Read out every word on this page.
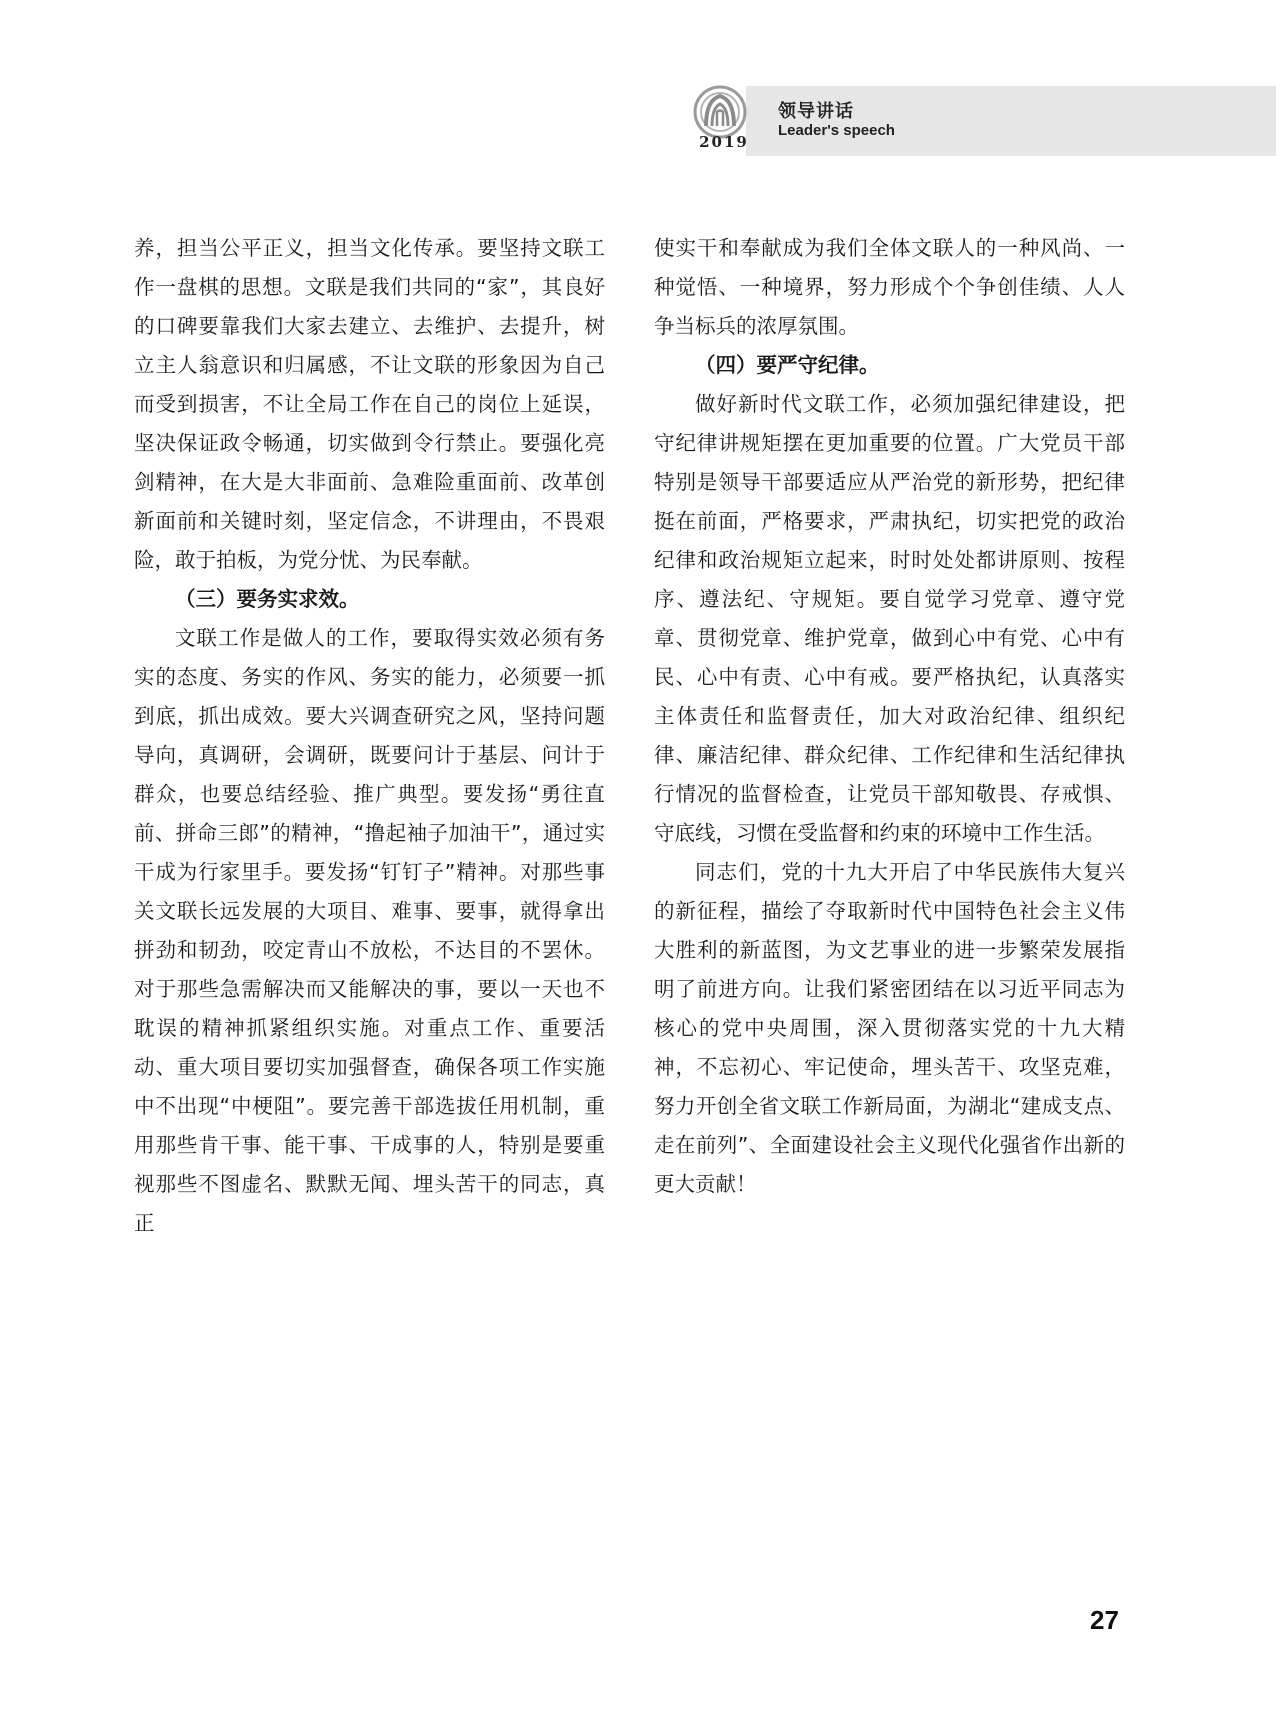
2019
领导讲话
Leader's speech

养，担当公平正义，担当文化传承。要坚持文联工作一盘棋的思想。文联是我们共同的“家”，其良好的口碑要靠我们大家去建立、去维护、去提升，树立主人翁意识和归属感，不让文联的形象因为自己而受到损害，不让全局工作在自己的岗位上延误，坚决保证政令畅通，切实做到令行禁止。要强化亮剑精神，在大是大非面前、急难险重面前、改革创新面前和关键时刻，坚定信念，不讲理由，不畏艰险，敢于拍板，为党分忧、为民奉献。

（三）要务实求效。

文联工作是做人的工作，要取得实效必须有务实的态度、务实的作风、务实的能力，必须要一抓到底，抓出成效。要大兴调查研究之风，坚持问题导向，真调研，会调研，既要问计于基层、问计于群众，也要总结经验、推广典型。要发扬“勇往直前、拼命三郎”的精神，“撸起袖子加油干”，通过实干成为行家里手。要发扬“钉钉子”精神。对那些事关文联长远发展的大项目、难事、要事，就得拿出拼劲和韧劲，咬定青山不放松，不达目的不罢休。对于那些急需解决而又能解决的事，要以一天也不耽误的精神抓紧组织实施。对重点工作、重要活动、重大项目要切实加强督查，确保各项工作实施中不出现“中梗阻”。要完善干部选拔任用机制，重用那些肯干事、能干事、干成事的人，特别是要重视那些不图虚名、默默无闻、埋头苦干的同志，真正

使实干和奉献成为我们全体文联人的一种风尚、一种觉悟、一种境界，努力形成个个争创佳绩、人人争当标兵的浓厚氛围。

（四）要严守纪律。

做好新时代文联工作，必须加强纪律建设，把守纪律讲规矩摆在更加重要的位置。广大党员干部特别是领导干部要适应从严治党的新形势，把纪律挺在前面，严格要求，严肃执纪，切实把党的政治纪律和政治规矩立起来，时时处处都讲原则、按程序、遵法纪、守规矩。要自觉学习党章、遵守党章、贯彻党章、维护党章，做到心中有党、心中有民、心中有责、心中有戒。要严格执纪，认真落实主体责任和监督责任，加大对政治纪律、组织纪律、廉洁纪律、群众纪律、工作纪律和生活纪律执行情况的监督检查，让党员干部知敬畏、存戒惧、守底线，习惯在受监督和约束的环境中工作生活。

同志们，党的十九大开启了中华民族伟大复兴的新征程，描绘了夺取新时代中国特色社会主义伟大胜利的新蓝图，为文艺事业的进一步繁荣发展指明了前进方向。让我们紧密团结在以习近平同志为核心的党中央周围，深入贯彻落实党的十九大精神，不忘初心、牢记使命，埋头苦干、攻坚克难，努力开创全省文联工作新局面，为湖北“建成支点、走在前列”、全面建设社会主义现代化强省作出新的更大贡献！

27
